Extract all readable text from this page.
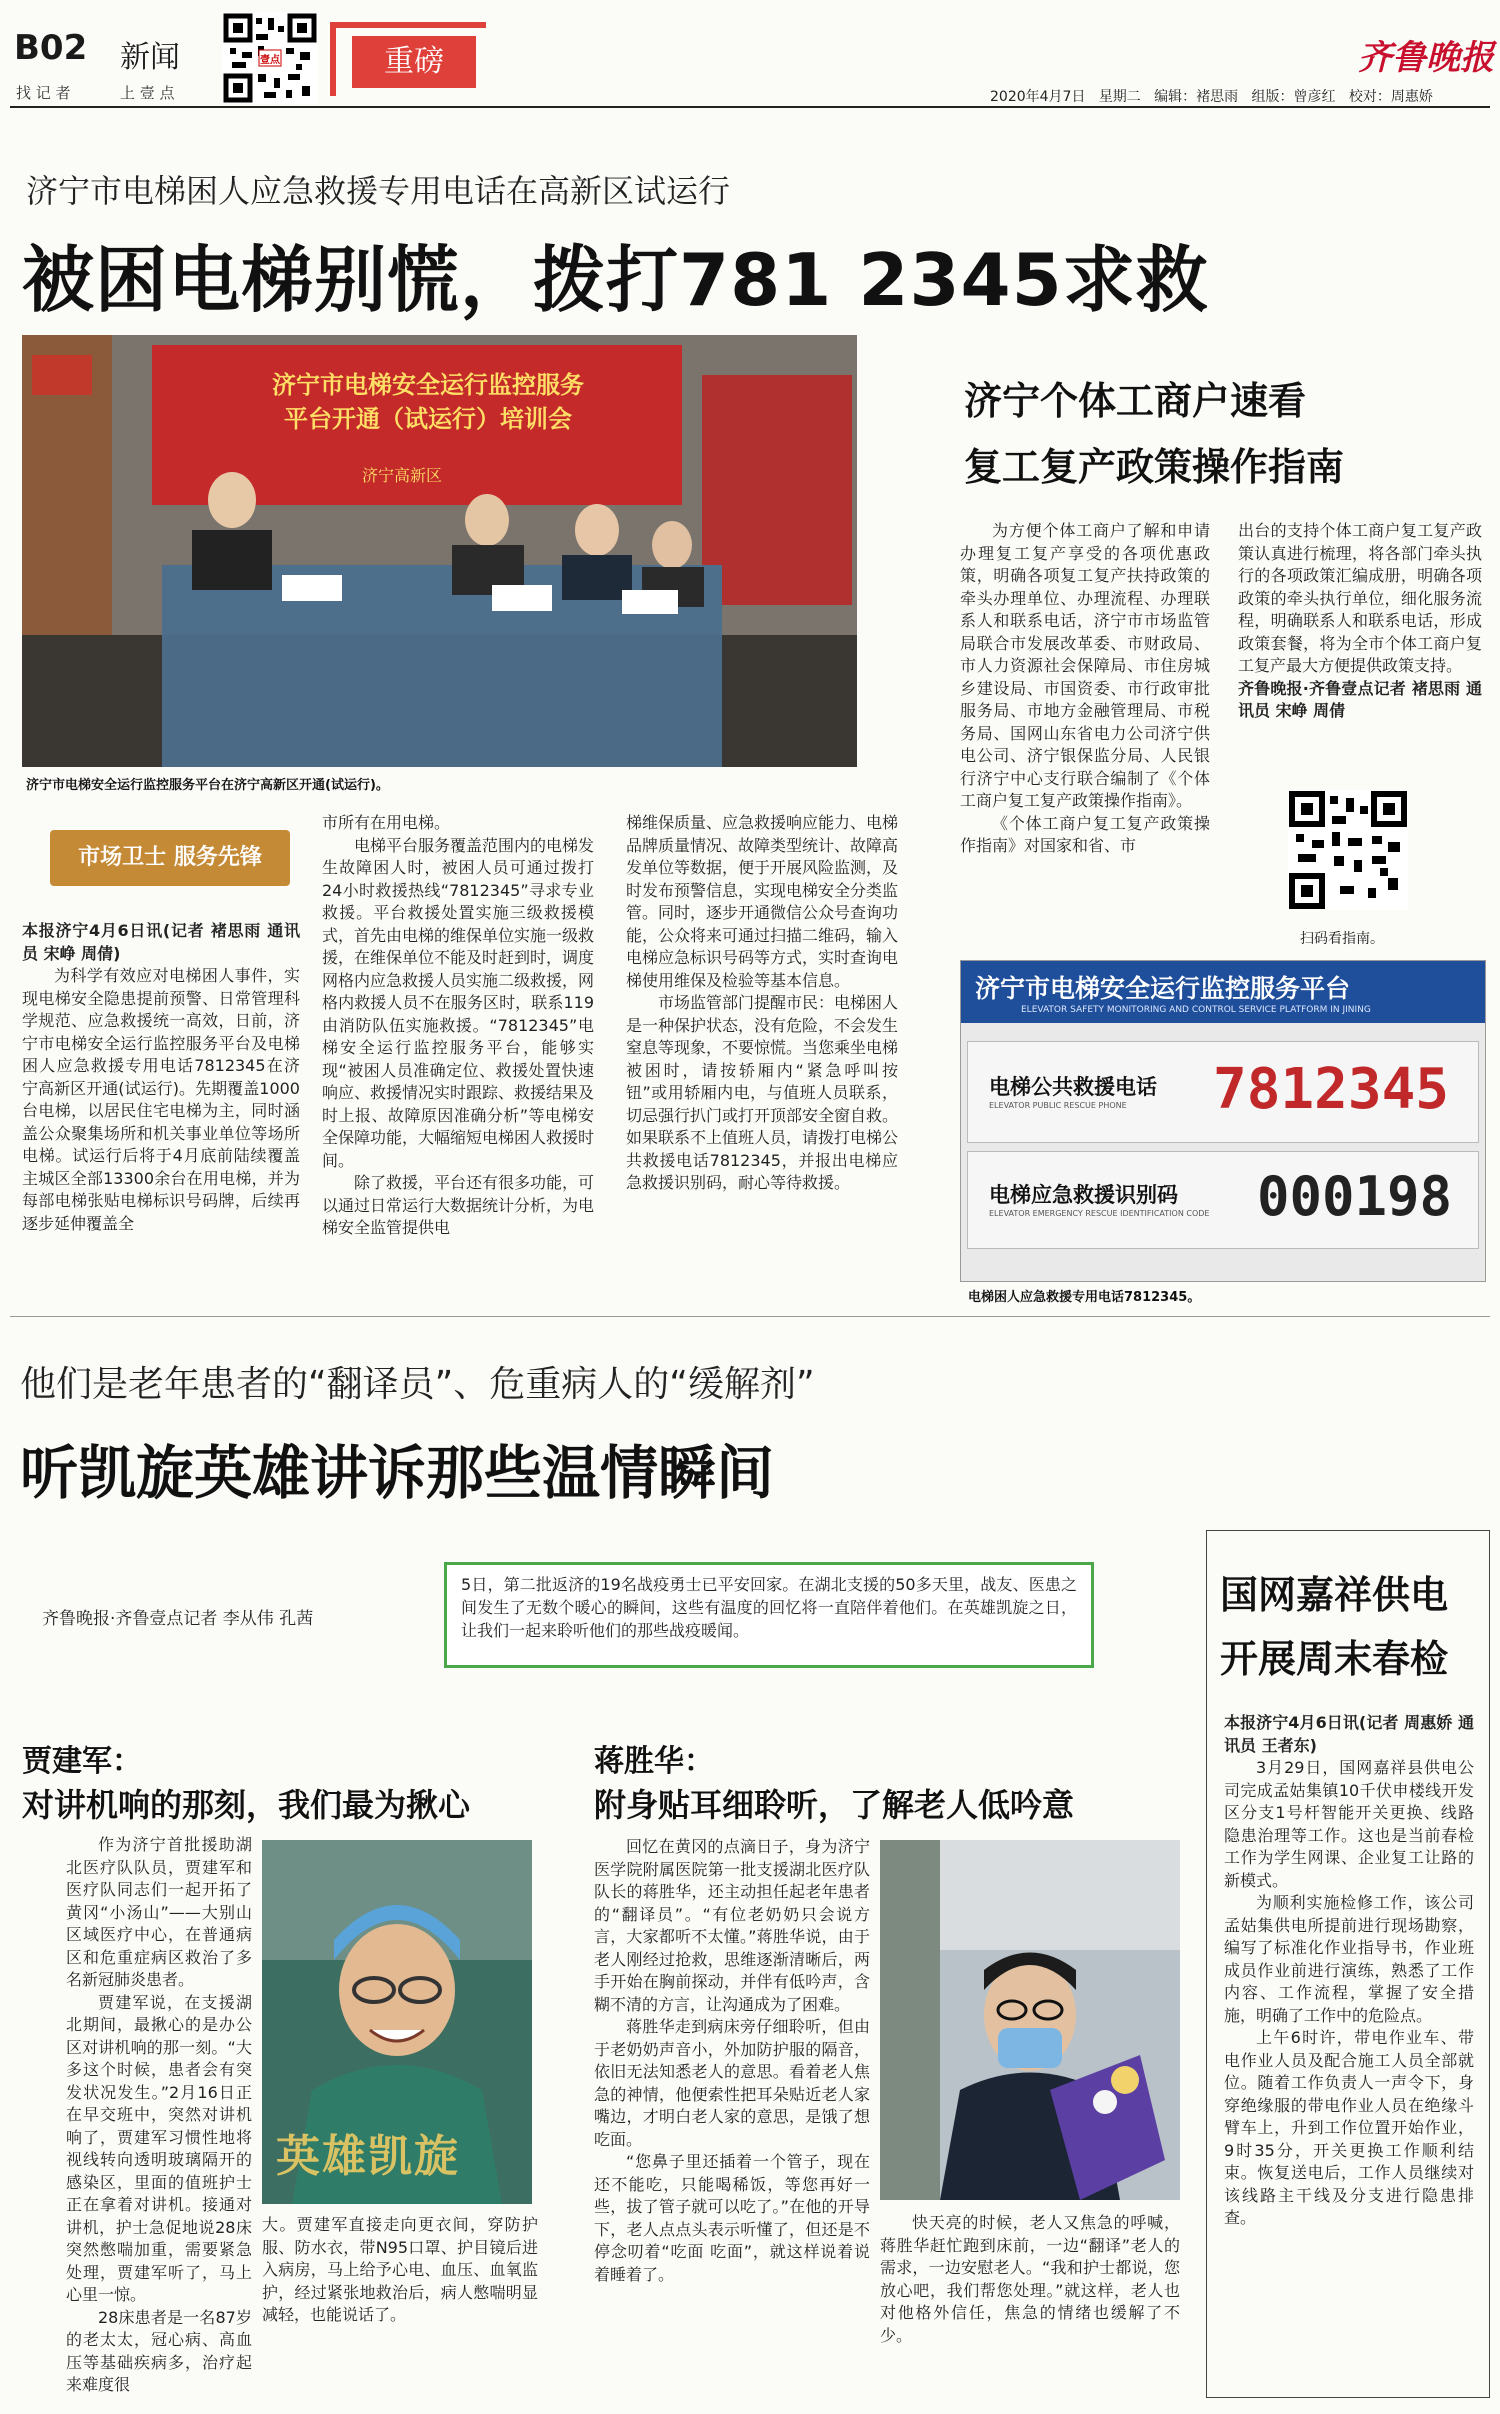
B02 新闻
找 记 者	上 壹 点
壹点	重磅	齐鲁晚报
2020年4月7日 星期二 编辑：褚思雨 组版：曾彦红 校对：周惠娇
济宁市电梯困人应急救援专用电话在高新区试运行
被困电梯别慌，拨打781 2345求救
济宁市电梯安全运行监控服务
平台开通（试运行）培训会
济宁高新区
济宁市电梯安全运行监控服务平台在济宁高新区开通(试运行)。
市场卫士 服务先锋

本报济宁4月6日讯(记者 褚思雨 通讯员 宋峥 周倩)

为科学有效应对电梯困人事件，实现电梯安全隐患提前预警、日常管理科学规范、应急救援统一高效，日前，济宁市电梯安全运行监控服务平台及电梯困人应急救援专用电话7812345在济宁高新区开通(试运行)。先期覆盖1000台电梯，以居民住宅电梯为主，同时涵盖公众聚集场所和机关事业单位等场所电梯。试运行后将于4月底前陆续覆盖主城区全部13300余台在用电梯，并为每部电梯张贴电梯标识号码牌，后续再逐步延伸覆盖全

市所有在用电梯。

电梯平台服务覆盖范围内的电梯发生故障困人时，被困人员可通过拨打24小时救援热线“7812345”寻求专业救援。平台救援处置实施三级救援模式，首先由电梯的维保单位实施一级救援，在维保单位不能及时赶到时，调度网格内应急救援人员实施二级救援，网格内救援人员不在服务区时，联系119由消防队伍实施救援。“7812345”电梯安全运行监控服务平台，能够实现“被困人员准确定位、救援处置快速响应、救援情况实时跟踪、救援结果及时上报、故障原因准确分析”等电梯安全保障功能，大幅缩短电梯困人救援时间。

除了救援，平台还有很多功能，可以通过日常运行大数据统计分析，为电梯安全监管提供电

梯维保质量、应急救援响应能力、电梯品牌质量情况、故障类型统计、故障高发单位等数据，便于开展风险监测，及时发布预警信息，实现电梯安全分类监管。同时，逐步开通微信公众号查询功能，公众将来可通过扫描二维码，输入电梯应急标识号码等方式，实时查询电梯使用维保及检验等基本信息。

市场监管部门提醒市民：电梯困人是一种保护状态，没有危险，不会发生窒息等现象，不要惊慌。当您乘坐电梯被困时，请按轿厢内“紧急呼叫按钮”或用轿厢内电，与值班人员联系，切忌强行扒门或打开顶部安全窗自救。如果联系不上值班人员，请拨打电梯公共救援电话7812345，并报出电梯应急救援识别码，耐心等待救援。

济宁个体工商户速看
复工复产政策操作指南

为方便个体工商户了解和申请办理复工复产享受的各项优惠政策，明确各项复工复产扶持政策的牵头办理单位、办理流程、办理联系人和联系电话，济宁市市场监管局联合市发展改革委、市财政局、市人力资源社会保障局、市住房城乡建设局、市国资委、市行政审批服务局、市地方金融管理局、市税务局、国网山东省电力公司济宁供电公司、济宁银保监分局、人民银行济宁中心支行联合编制了《个体工商户复工复产政策操作指南》。

《个体工商户复工复产政策操作指南》对国家和省、市

出台的支持个体工商户复工复产政策认真进行梳理，将各部门牵头执行的各项政策汇编成册，明确各项政策的牵头执行单位，细化服务流程，明确联系人和联系电话，形成政策套餐，将为全市个体工商户复工复产最大方便提供政策支持。

齐鲁晚报·齐鲁壹点记者 褚思雨 通讯员 宋峥 周倩

扫码看指南。
济宁市电梯安全运行监控服务平台
ELEVATOR SAFETY MONITORING AND CONTROL SERVICE PLATFORM IN JINING
电梯公共救援电话
ELEVATOR PUBLIC RESCUE PHONE 7812345
电梯应急救援识别码
ELEVATOR EMERGENCY RESCUE IDENTIFICATION CODE 000198
电梯困人应急救援专用电话7812345。
他们是老年患者的“翻译员”、危重病人的“缓解剂”
听凯旋英雄讲诉那些温情瞬间
齐鲁晚报·齐鲁壹点记者 李从伟 孔茜
5日，第二批返济的19名战疫勇士已平安回家。在湖北支援的50多天里，战友、医患之间发生了无数个暖心的瞬间，这些有温度的回忆将一直陪伴着他们。在英雄凯旋之日，让我们一起来聆听他们的那些战疫暖闻。
贾建军：
对讲机响的那刻，我们最为揪心

作为济宁首批援助湖北医疗队队员，贾建军和医疗队同志们一起开拓了黄冈“小汤山”——大别山区域医疗中心，在普通病区和危重症病区救治了多名新冠肺炎患者。

贾建军说，在支援湖北期间，最揪心的是办公区对讲机响的那一刻。“大多这个时候，患者会有突发状况发生。”2月16日正在早交班中，突然对讲机响了，贾建军习惯性地将视线转向透明玻璃隔开的感染区，里面的值班护士正在拿着对讲机。接通对讲机，护士急促地说28床突然憋喘加重，需要紧急处理，贾建军听了，马上心里一惊。

28床患者是一名87岁的老太太，冠心病、高血压等基础疾病多，治疗起来难度很

英雄凯旋

大。贾建军直接走向更衣间，穿防护服、防水衣，带N95口罩、护目镜后进入病房，马上给予心电、血压、血氧监护，经过紧张地救治后，病人憋喘明显减轻，也能说话了。

蒋胜华：
附身贴耳细聆听，了解老人低吟意

回忆在黄冈的点滴日子，身为济宁医学院附属医院第一批支援湖北医疗队队长的蒋胜华，还主动担任起老年患者的“翻译员”。“有位老奶奶只会说方言，大家都听不太懂。”蒋胜华说，由于老人刚经过抢救，思维逐渐清晰后，两手开始在胸前探动，并伴有低吟声，含糊不清的方言，让沟通成为了困难。

蒋胜华走到病床旁仔细聆听，但由于老奶奶声音小，外加防护服的隔音，依旧无法知悉老人的意思。看着老人焦急的神情，他便索性把耳朵贴近老人家嘴边，才明白老人家的意思，是饿了想吃面。

“您鼻子里还插着一个管子，现在还不能吃，只能喝稀饭，等您再好一些，拔了管子就可以吃了。”在他的开导下，老人点点头表示听懂了，但还是不停念叨着“吃面 吃面”，就这样说着说着睡着了。

快天亮的时候，老人又焦急的呼喊，蒋胜华赶忙跑到床前，一边“翻译”老人的需求，一边安慰老人。“我和护士都说，您放心吧，我们帮您处理。”就这样，老人也对他格外信任，焦急的情绪也缓解了不少。

国网嘉祥供电
开展周末春检

本报济宁4月6日讯(记者 周惠娇 通讯员 王者东)

3月29日，国网嘉祥县供电公司完成孟姑集镇10千伏申楼线开发区分支1号杆智能开关更换、线路隐患治理等工作。这也是当前春检工作为学生网课、企业复工让路的新模式。

为顺利实施检修工作，该公司孟姑集供电所提前进行现场勘察，编写了标准化作业指导书，作业班成员作业前进行演练，熟悉了工作内容、工作流程，掌握了安全措施，明确了工作中的危险点。

上午6时许，带电作业车、带电作业人员及配合施工人员全部就位。随着工作负责人一声令下，身穿绝缘服的带电作业人员在绝缘斗臂车上，升到工作位置开始作业，9时35分，开关更换工作顺利结束。恢复送电后，工作人员继续对该线路主干线及分支进行隐患排查。
